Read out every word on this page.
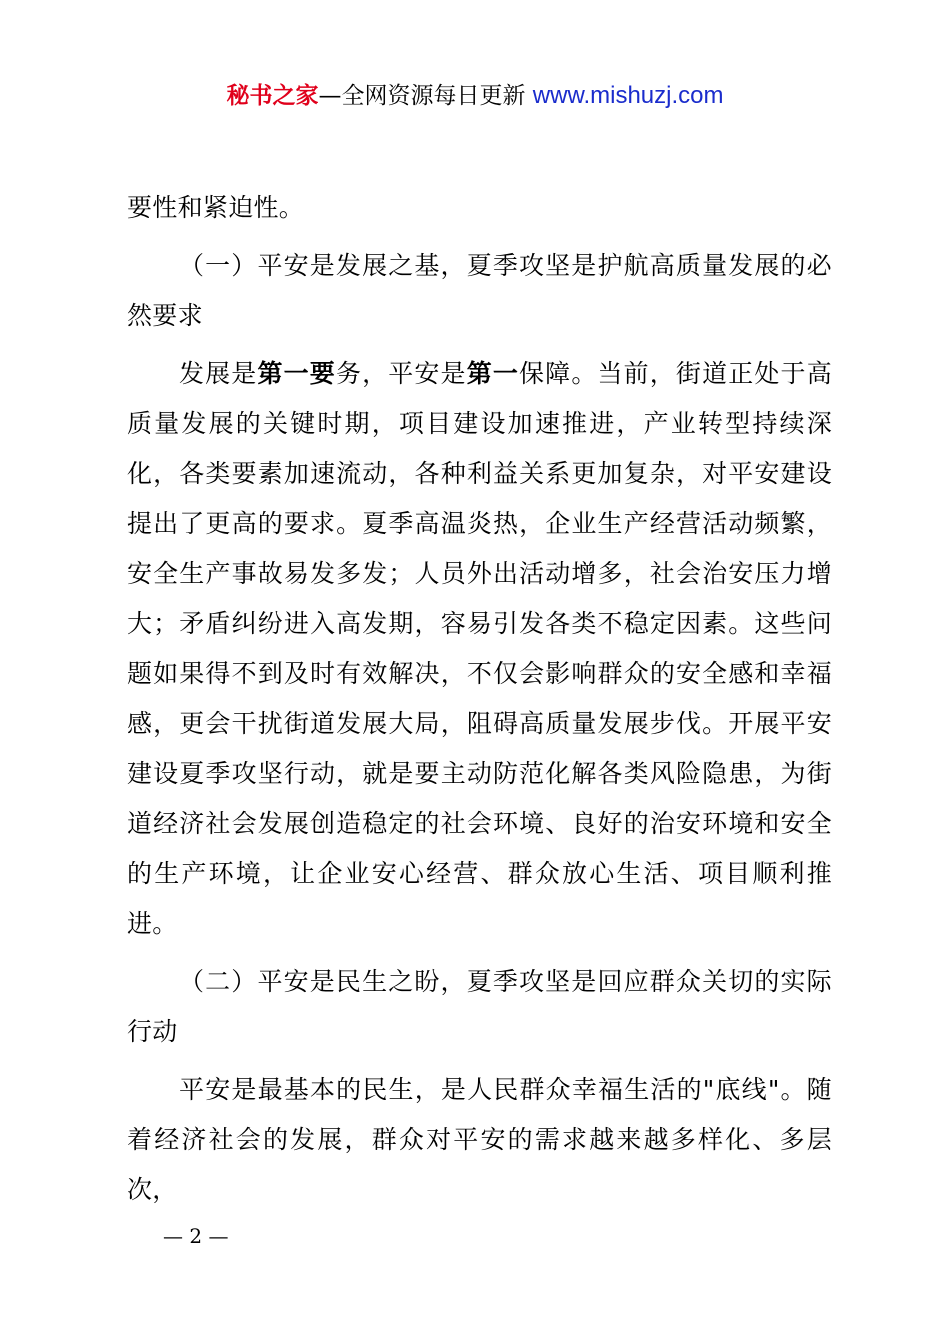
秘书之家—全网资源每日更新 www.mishuzj.com

要性和紧迫性。

（一）平安是发展之基，夏季攻坚是护航高质量发展的必然要求

发展是第一要务，平安是第一保障。当前，街道正处于高质量发展的关键时期，项目建设加速推进，产业转型持续深化，各类要素加速流动，各种利益关系更加复杂，对平安建设提出了更高的要求。夏季高温炎热，企业生产经营活动频繁，安全生产事故易发多发；人员外出活动增多，社会治安压力增大；矛盾纠纷进入高发期，容易引发各类不稳定因素。这些问题如果得不到及时有效解决，不仅会影响群众的安全感和幸福感，更会干扰街道发展大局，阻碍高质量发展步伐。开展平安建设夏季攻坚行动，就是要主动防范化解各类风险隐患，为街道经济社会发展创造稳定的社会环境、良好的治安环境和安全的生产环境，让企业安心经营、群众放心生活、项目顺利推进。

（二）平安是民生之盼，夏季攻坚是回应群众关切的实际行动

平安是最基本的民生，是人民群众幸福生活的"底线"。随着经济社会的发展，群众对平安的需求越来越多样化、多层次，

— 2 —
